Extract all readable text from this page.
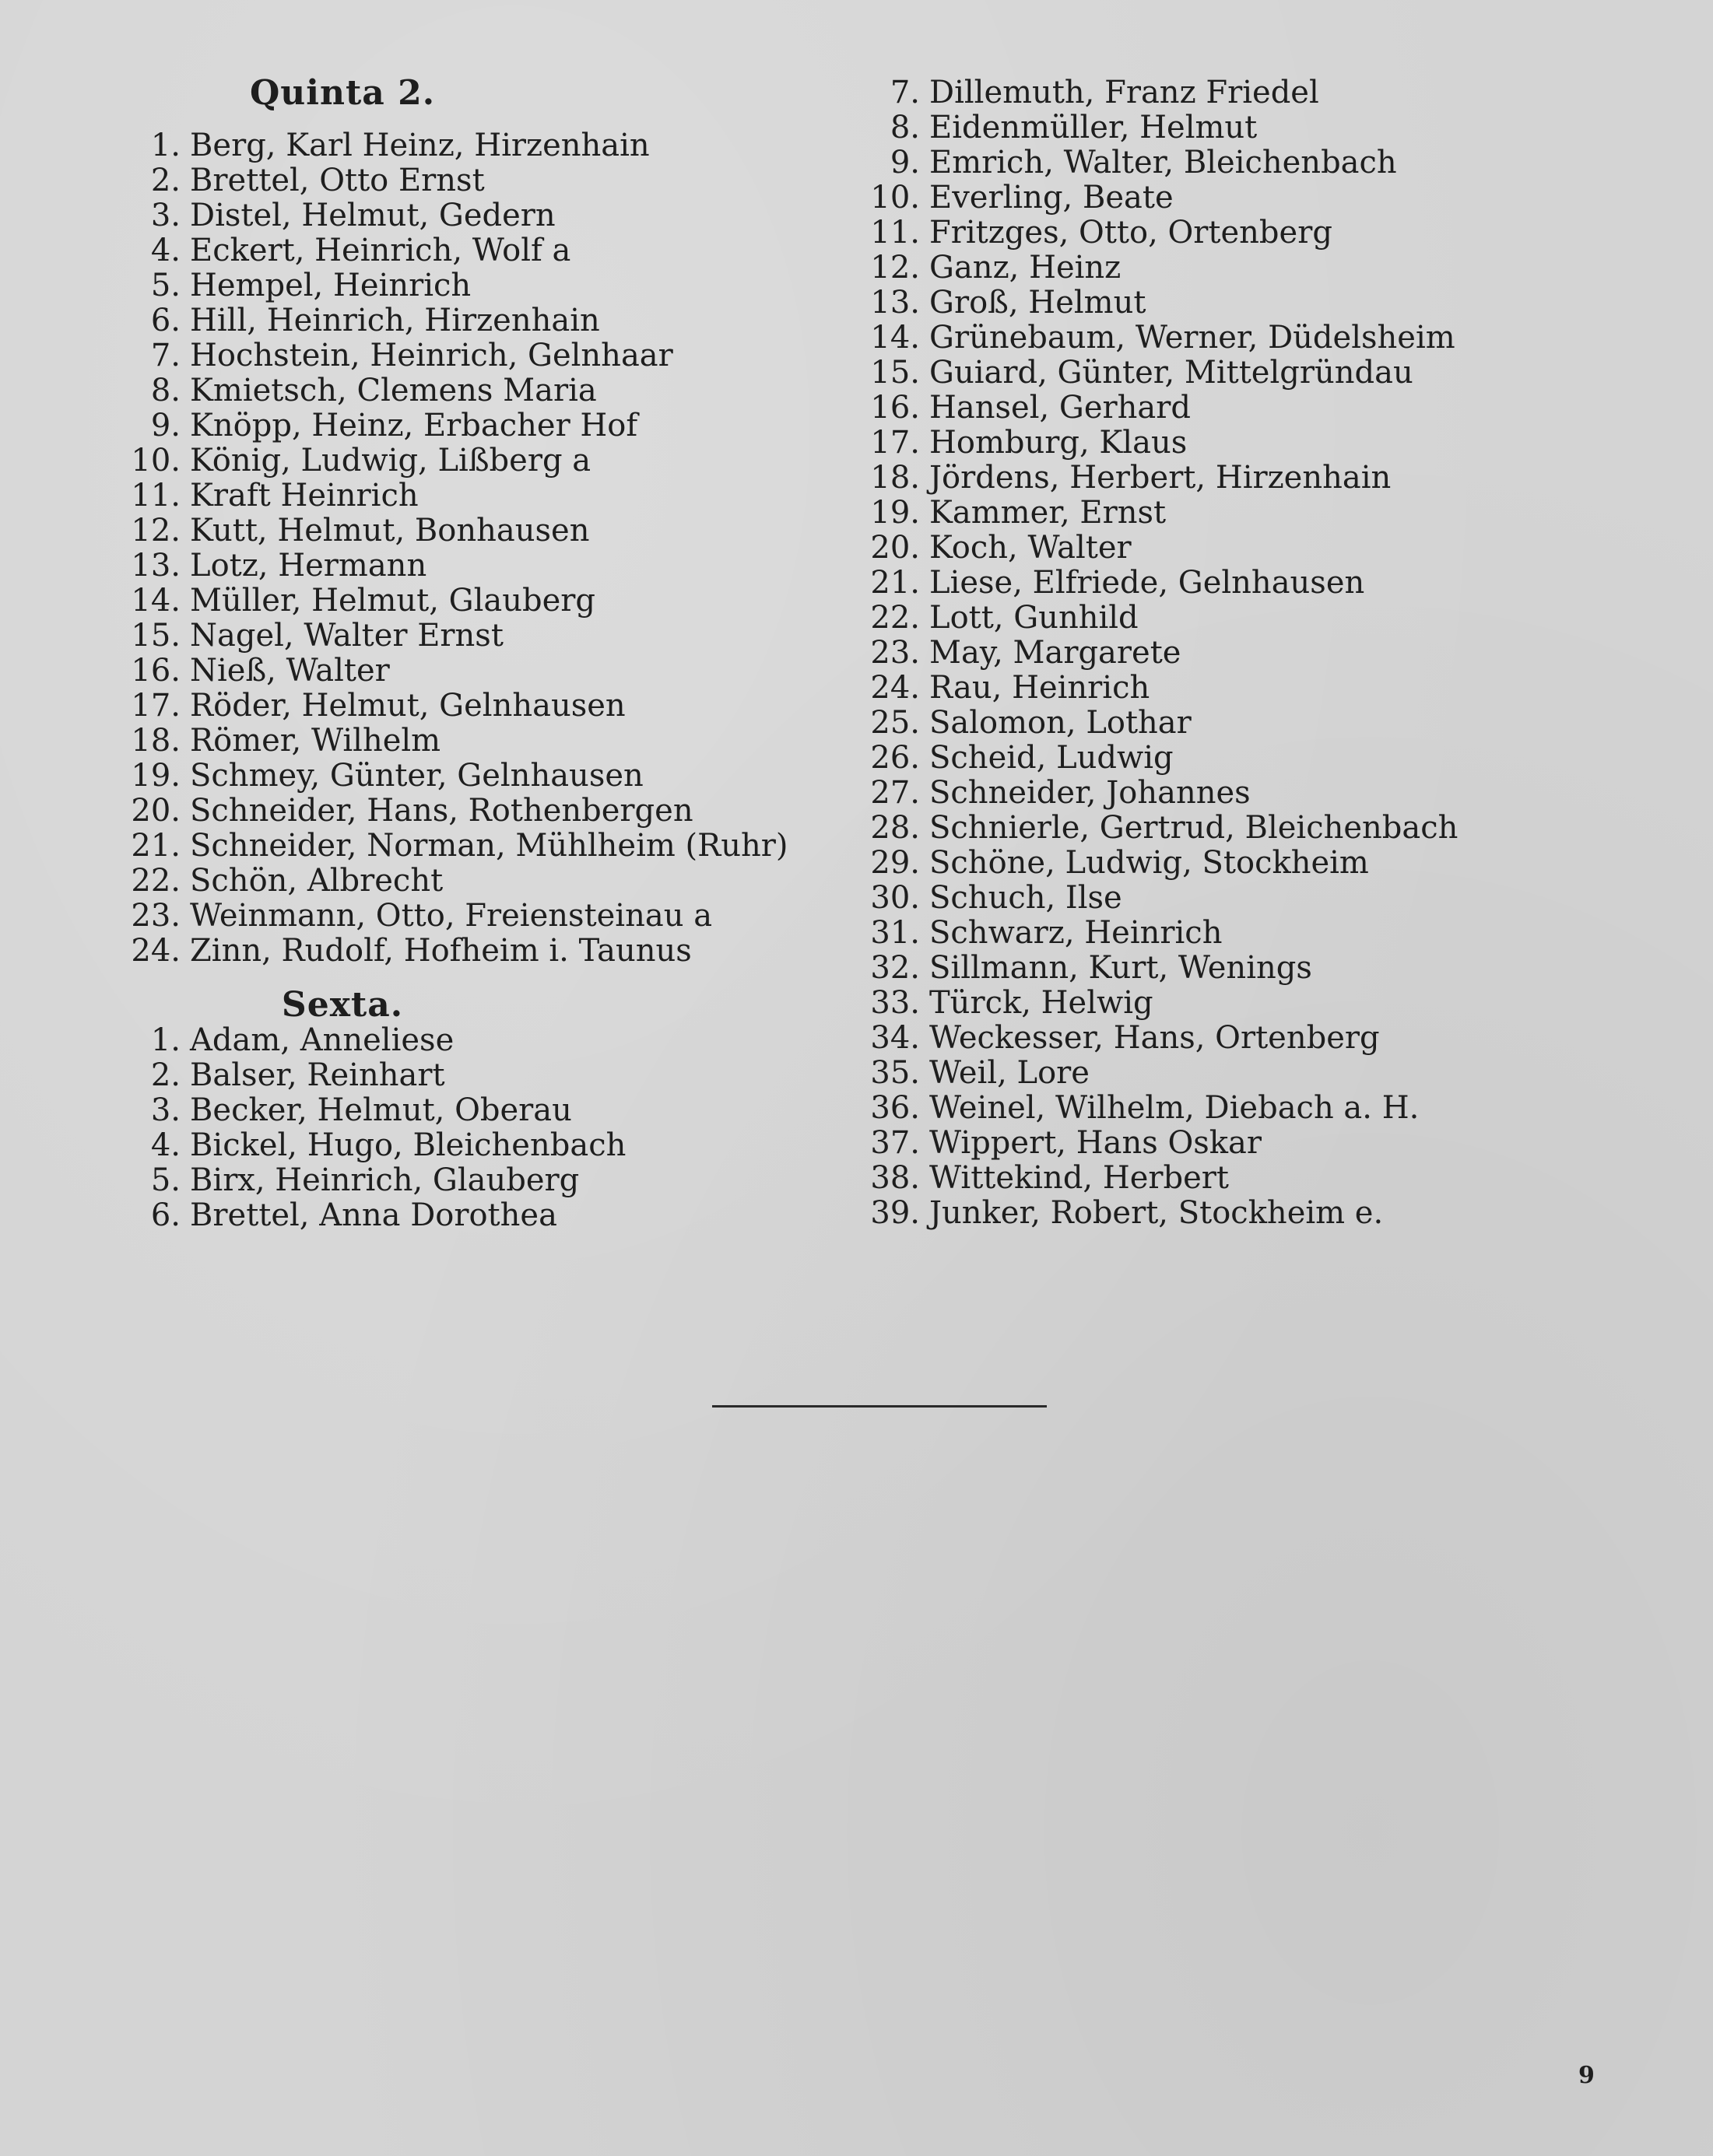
Quinta 2.
1. Berg, Karl Heinz, Hirzenhain
2. Brettel, Otto Ernst
3. Distel, Helmut, Gedern
4. Eckert, Heinrich, Wolf a
5. Hempel, Heinrich
6. Hill, Heinrich, Hirzenhain
7. Hochstein, Heinrich, Gelnhaar
8. Kmietsch, Clemens Maria
9. Knöpp, Heinz, Erbacher Hof
10. König, Ludwig, Lißberg a
11. Kraft Heinrich
12. Kutt, Helmut, Bonhausen
13. Lotz, Hermann
14. Müller, Helmut, Glauberg
15. Nagel, Walter Ernst
16. Nieß, Walter
17. Röder, Helmut, Gelnhausen
18. Römer, Wilhelm
19. Schmey, Günter, Gelnhausen
20. Schneider, Hans, Rothenbergen
21. Schneider, Norman, Mühlheim (Ruhr)
22. Schön, Albrecht
23. Weinmann, Otto, Freiensteinau a
24. Zinn, Rudolf, Hofheim i. Taunus
Sexta.
1. Adam, Anneliese
2. Balser, Reinhart
3. Becker, Helmut, Oberau
4. Bickel, Hugo, Bleichenbach
5. Birx, Heinrich, Glauberg
6. Brettel, Anna Dorothea
7. Dillemuth, Franz Friedel
8. Eidenmüller, Helmut
9. Emrich, Walter, Bleichenbach
10. Everling, Beate
11. Fritzges, Otto, Ortenberg
12. Ganz, Heinz
13. Groß, Helmut
14. Grünebaum, Werner, Düdelsheim
15. Guiard, Günter, Mittelgründau
16. Hansel, Gerhard
17. Homburg, Klaus
18. Jördens, Herbert, Hirzenhain
19. Kammer, Ernst
20. Koch, Walter
21. Liese, Elfriede, Gelnhausen
22. Lott, Gunhild
23. May, Margarete
24. Rau, Heinrich
25. Salomon, Lothar
26. Scheid, Ludwig
27. Schneider, Johannes
28. Schnierle, Gertrud, Bleichenbach
29. Schöne, Ludwig, Stockheim
30. Schuch, Ilse
31. Schwarz, Heinrich
32. Sillmann, Kurt, Wenings
33. Türck, Helwig
34. Weckesser, Hans, Ortenberg
35. Weil, Lore
36. Weinel, Wilhelm, Diebach a. H.
37. Wippert, Hans Oskar
38. Wittekind, Herbert
39. Junker, Robert, Stockheim e.
9
